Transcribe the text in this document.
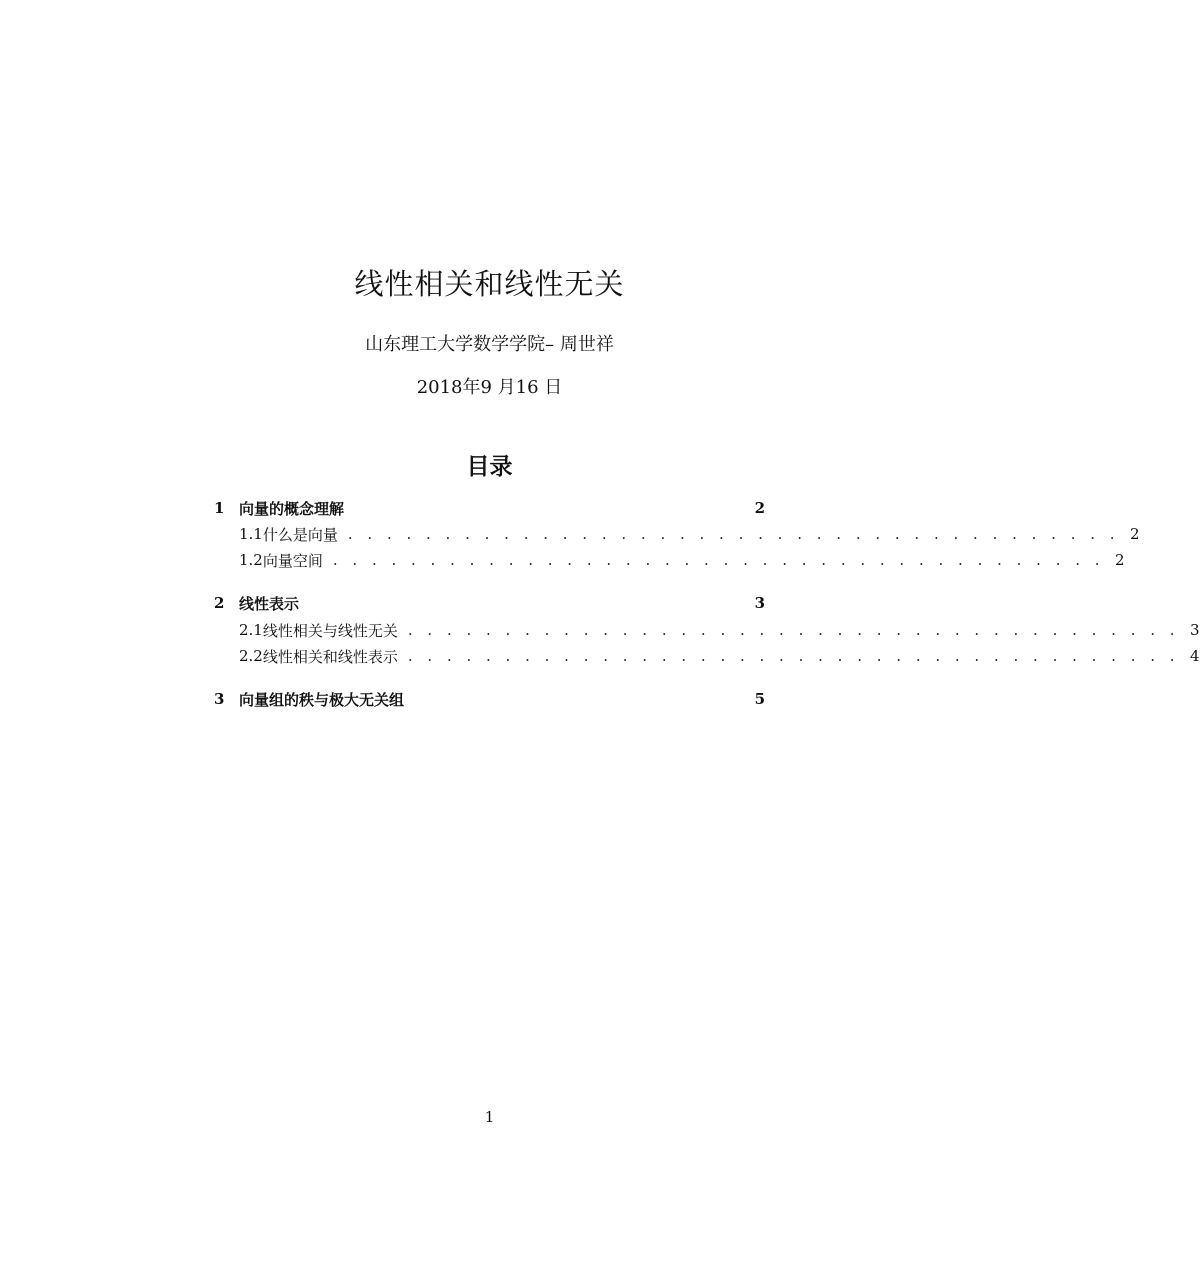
线性相关和线性无关
山东理工大学数学学院– 周世祥
2018年9 月16 日
目录
1 向量的概念理解	2
1.1 什么是向量 . . . . . . . . . . . . . . . . . . . . . . . . . . . . . . . . . . . . . . . . 2
1.2 向量空间 . . . . . . . . . . . . . . . . . . . . . . . . . . . . . . . . . . . . . . . . 2
2 线性表示	3
2.1 线性相关与线性无关 . . . . . . . . . . . . . . . . . . . . . . . . . . . . . . . . . . . . . . . . 3
2.2 线性相关和线性表示 . . . . . . . . . . . . . . . . . . . . . . . . . . . . . . . . . . . . . . . . 4
3 向量组的秩与极大无关组	5
1
